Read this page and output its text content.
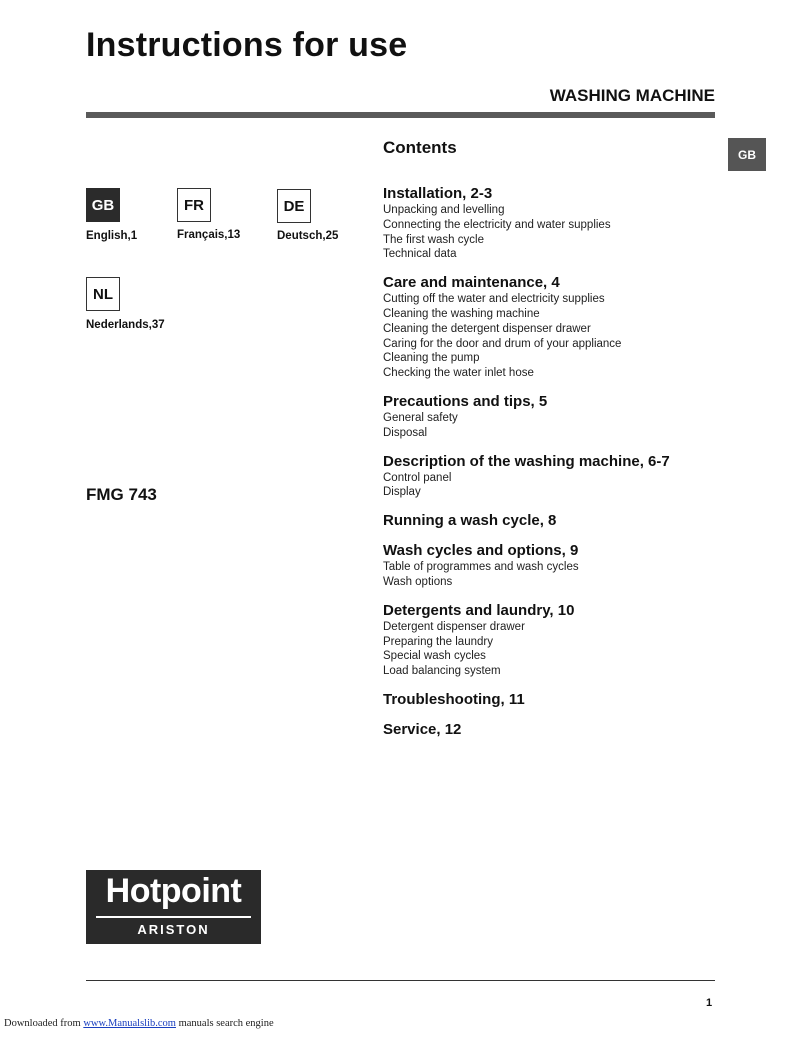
Instructions for use
WASHING MACHINE
GB
GB
English,1
FR
Français,13
DE
Deutsch,25
NL
Nederlands,37
FMG 743
Contents
Installation, 2-3
Unpacking and levelling
Connecting the electricity and water supplies
The first wash cycle
Technical data
Care and maintenance, 4
Cutting off the water and electricity supplies
Cleaning the washing machine
Cleaning the detergent dispenser drawer
Caring for the door and drum of your appliance
Cleaning the pump
Checking the water inlet hose
Precautions and tips, 5
General safety
Disposal
Description of the washing machine, 6-7
Control panel
Display
Running a wash cycle, 8
Wash cycles and options, 9
Table of programmes and wash cycles
Wash options
Detergents and laundry, 10
Detergent dispenser drawer
Preparing the laundry
Special wash cycles
Load balancing system
Troubleshooting, 11
Service, 12
Hotpoint
ARISTON
1
Downloaded from www.Manualslib.com manuals search engine
